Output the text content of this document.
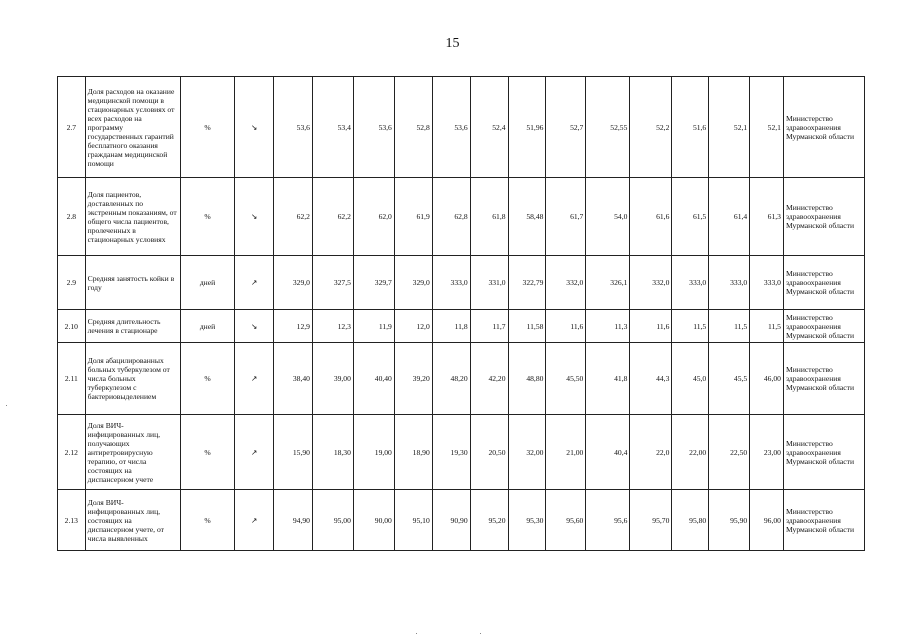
15
2.7	Доля расходов на оказание медицинской помощи в стационарных условиях от всех расходов на программу государственных гарантий бесплатного оказания гражданам медицинской помощи	%	↘	53,6	53,4	53,6	52,8	53,6	52,4	51,96	52,7	52,55	52,2	51,6	52,1	52,1	Министерство здравоохранения Мурманской области
2.8	Доля пациентов, доставленных по экстренным показаниям, от общего числа пациентов, пролеченных в стационарных условиях	%	↘	62,2	62,2	62,0	61,9	62,8	61,8	58,48	61,7	54,0	61,6	61,5	61,4	61,3	Министерство здравоохранения Мурманской области
2.9	Средняя занятость койки в году	дней	↗	329,0	327,5	329,7	329,0	333,0	331,0	322,79	332,0	326,1	332,0	333,0	333,0	333,0	Министерство здравоохранения Мурманской области
2.10	Средняя длительность лечения в стационаре	дней	↘	12,9	12,3	11,9	12,0	11,8	11,7	11,58	11,6	11,3	11,6	11,5	11,5	11,5	Министерство здравоохранения Мурманской области
2.11	Доля абацилированных больных туберкулезом от числа больных туберкулезом с бактериовыделением	%	↗	38,40	39,00	40,40	39,20	48,20	42,20	48,80	45,50	41,8	44,3	45,0	45,5	46,00	Министерство здравоохранения Мурманской области
2.12	Доля ВИЧ-инфицированных лиц, получающих антиретровирусную терапию, от числа состоящих на диспансерном учете	%	↗	15,90	18,30	19,00	18,90	19,30	20,50	32,00	21,00	40,4	22,0	22,00	22,50	23,00	Министерство здравоохранения Мурманской области
2.13	Доля ВИЧ-инфицированных лиц, состоящих на диспансерном учете, от числа выявленных	%	↗	94,90	95,00	90,00	95,10	90,90	95,20	95,30	95,60	95,6	95,70	95,80	95,90	96,00	Министерство здравоохранения Мурманской области
